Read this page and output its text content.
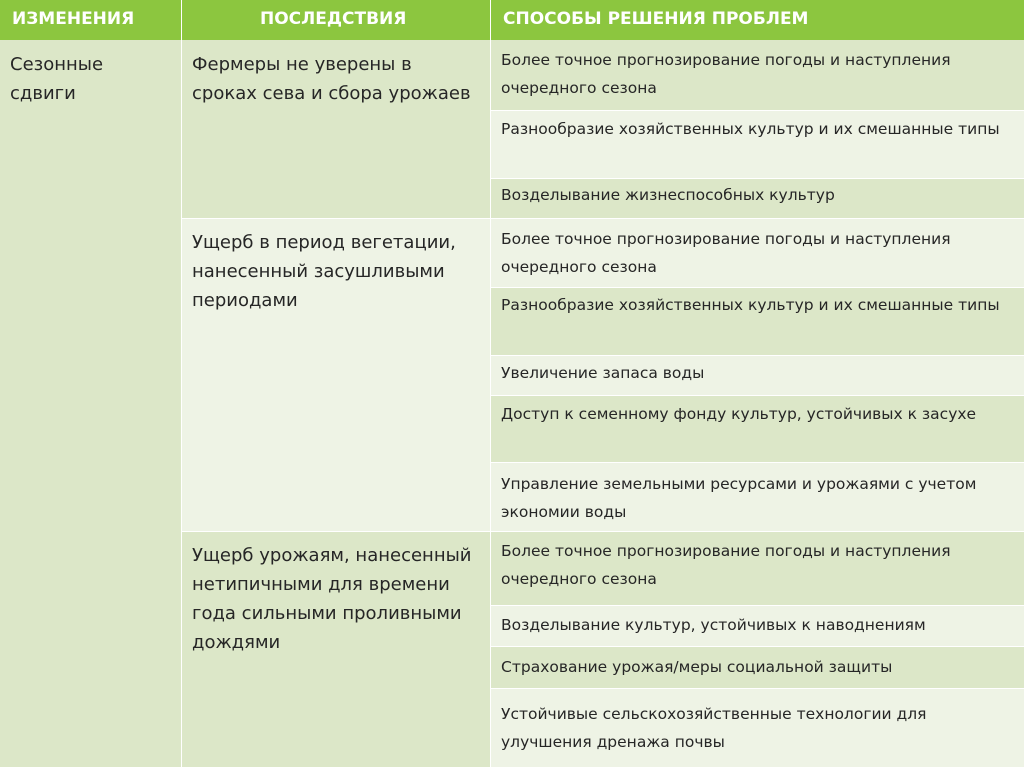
ИЗМЕНЕНИЯ	ПОСЛЕДСТВИЯ	СПОСОБЫ РЕШЕНИЯ ПРОБЛЕМ
Сезонные сдвиги
Фермеры не уверены в сроках сева и сбора урожаев
Ущерб в период вегетации, нанесенный засушливыми периодами
Ущерб урожаям, нанесенный нетипичными для времени года сильными проливными дождями
Более точное прогнозирование погоды и наступления очередного сезона
Разнообразие хозяйственных культур и их смешанные типы
Возделывание жизнеспособных культур
Более точное прогнозирование погоды и наступления очередного сезона
Разнообразие хозяйственных культур и их смешанные типы
Увеличение запаса воды
Доступ к семенному фонду культур, устойчивых к засухе
Управление земельными ресурсами и урожаями с учетом экономии воды
Более точное прогнозирование погоды и наступления очередного сезона
Возделывание культур, устойчивых к наводнениям
Страхование урожая/меры социальной защиты
Устойчивые сельскохозяйственные технологии для улучшения дренажа почвы
